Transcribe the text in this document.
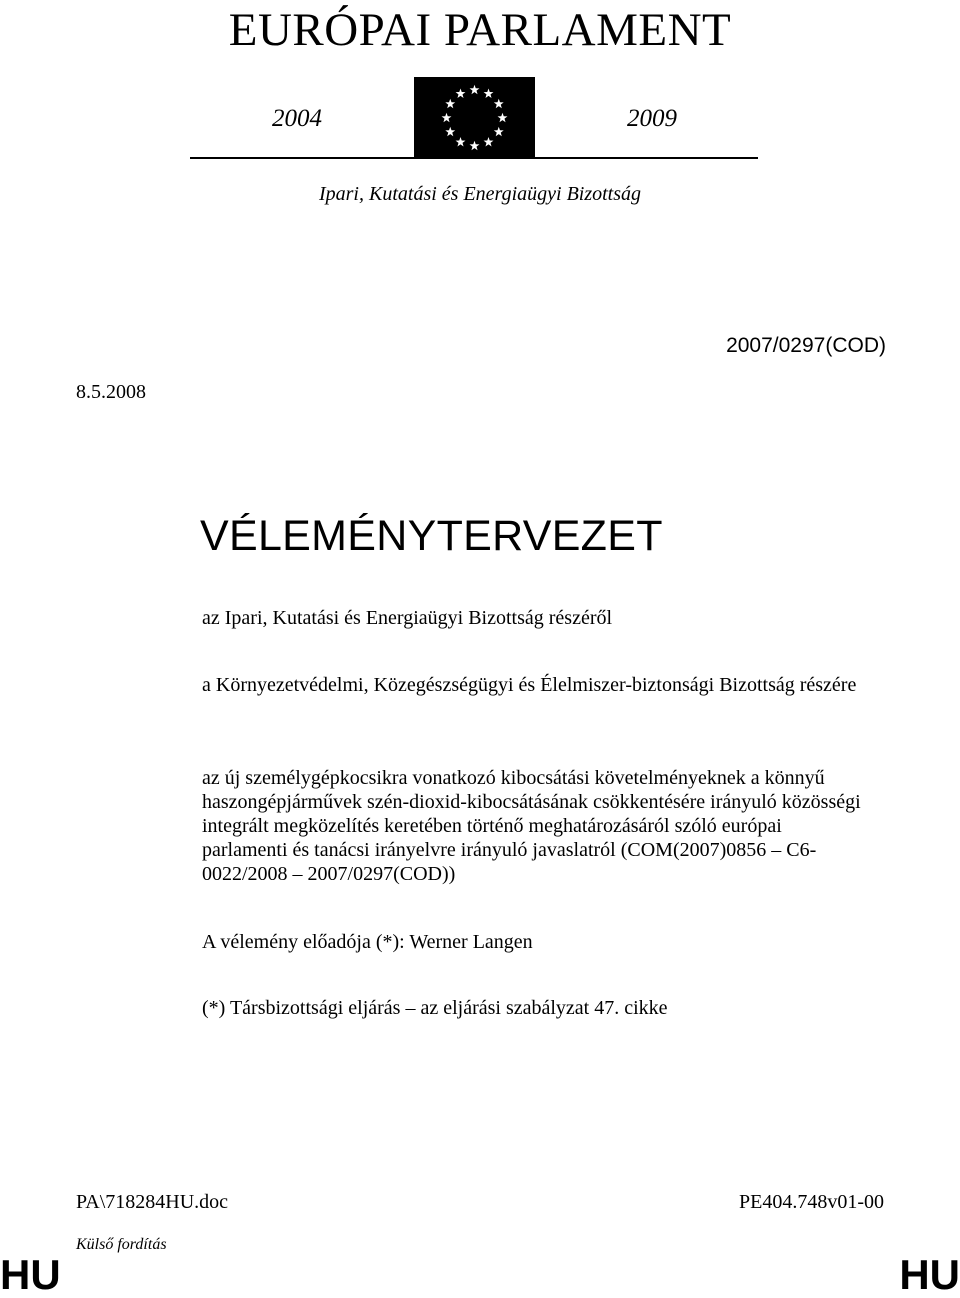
EURÓPAI PARLAMENT
2004	2009
Ipari, Kutatási és Energiaügyi Bizottság
2007/0297(COD)
8.5.2008
VÉLEMÉNYTERVEZET
az Ipari, Kutatási és Energiaügyi Bizottság részéről
a Környezetvédelmi, Közegészségügyi és Élelmiszer-biztonsági Bizottság részére
az új személygépkocsikra vonatkozó kibocsátási követelményeknek a könnyű haszongépjárművek szén-dioxid-kibocsátásának csökkentésére irányuló közösségi integrált megközelítés keretében történő meghatározásáról szóló európai parlamenti és tanácsi irányelvre irányuló javaslatról (COM(2007)0856 – C6-0022/2008 – 2007/0297(COD))
A vélemény előadója (*): Werner Langen
(*) Társbizottsági eljárás – az eljárási szabályzat 47. cikke
PA\718284HU.doc	PE404.748v01-00
Külső fordítás
HU	HU
